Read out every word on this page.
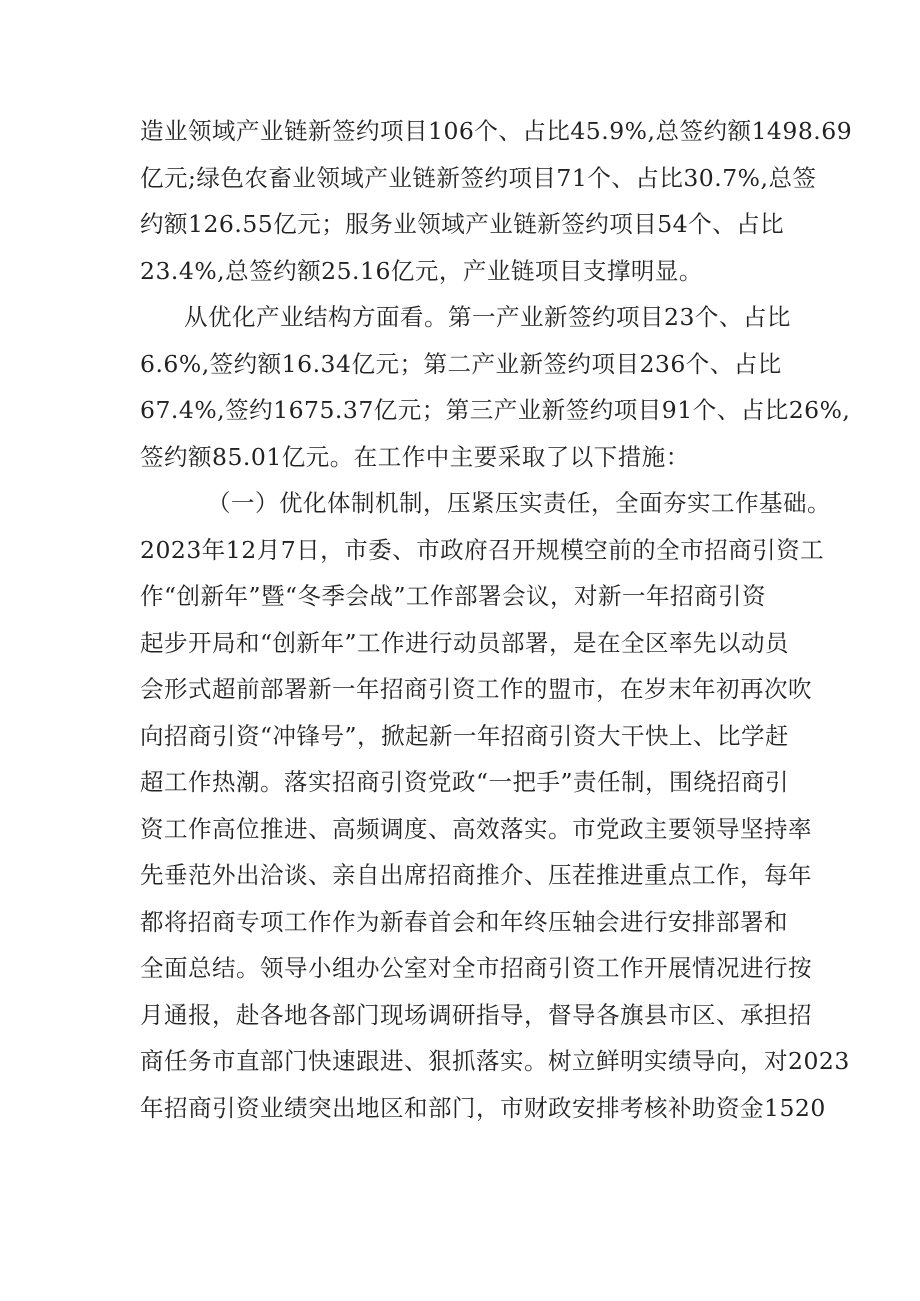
造业领域产业链新签约项目106个、占比45.9%,总签约额1498.69
亿元;绿色农畜业领域产业链新签约项目71个、占比30.7%,总签
约额126.55亿元；服务业领域产业链新签约项目54个、占比
23.4%,总签约额25.16亿元，产业链项目支撑明显。
从优化产业结构方面看。第一产业新签约项目23个、占比
6.6%,签约额16.34亿元；第二产业新签约项目236个、占比
67.4%,签约1675.37亿元；第三产业新签约项目91个、占比26%,
签约额85.01亿元。在工作中主要采取了以下措施：
（一）优化体制机制，压紧压实责任，全面夯实工作基础。
2023年12月7日，市委、市政府召开规模空前的全市招商引资工
作“创新年”暨“冬季会战”工作部署会议，对新一年招商引资
起步开局和“创新年”工作进行动员部署，是在全区率先以动员
会形式超前部署新一年招商引资工作的盟市，在岁末年初再次吹
向招商引资“冲锋号”，掀起新一年招商引资大干快上、比学赶
超工作热潮。落实招商引资党政“一把手”责任制，围绕招商引
资工作高位推进、高频调度、高效落实。市党政主要领导坚持率
先垂范外出洽谈、亲自出席招商推介、压茬推进重点工作，每年
都将招商专项工作作为新春首会和年终压轴会进行安排部署和
全面总结。领导小组办公室对全市招商引资工作开展情况进行按
月通报，赴各地各部门现场调研指导，督导各旗县市区、承担招
商任务市直部门快速跟进、狠抓落实。树立鲜明实绩导向，对2023
年招商引资业绩突出地区和部门，市财政安排考核补助资金1520
